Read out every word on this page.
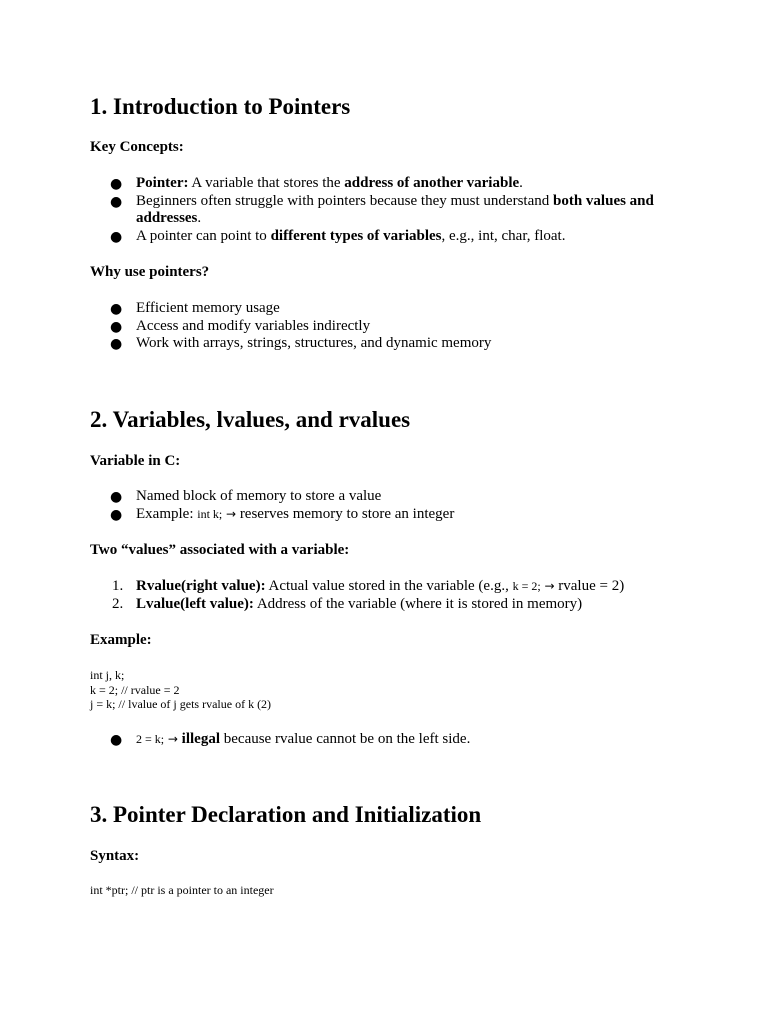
1. Introduction to Pointers
Key Concepts:
● Pointer: A variable that stores the address of another variable.
● Beginners often struggle with pointers because they must understand both values and addresses.
● A pointer can point to different types of variables, e.g., int, char, float.
Why use pointers?
● Efficient memory usage
● Access and modify variables indirectly
● Work with arrays, strings, structures, and dynamic memory
2. Variables, lvalues, and rvalues
Variable in C:
● Named block of memory to store a value
● Example: int k; → reserves memory to store an integer
Two “values” associated with a variable:
1. Rvalue(right value): Actual value stored in the variable (e.g., k = 2; → rvalue = 2)
2. Lvalue(left value): Address of the variable (where it is stored in memory)
Example:
int j, k;
k = 2; // rvalue = 2
j = k; // lvalue of j gets rvalue of k (2)
● 2 = k; → illegal because rvalue cannot be on the left side.
3. Pointer Declaration and Initialization
Syntax:
int *ptr; // ptr is a pointer to an integer
